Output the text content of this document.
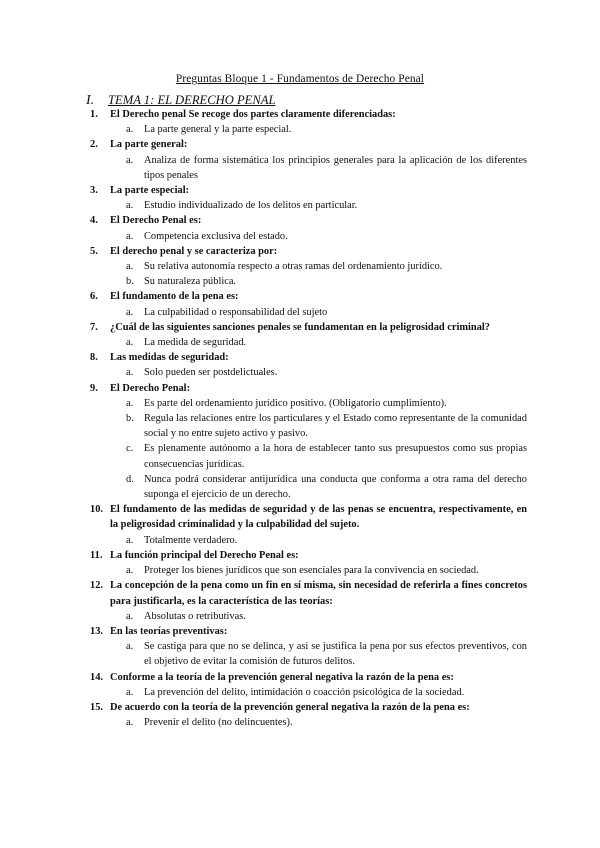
Preguntas Bloque 1 - Fundamentos de Derecho Penal
I. TEMA 1: EL DERECHO PENAL
1.	El Derecho penal Se recoge dos partes claramente diferenciadas:
a. La parte general y la parte especial.
2.	La parte general:
a. Analiza de forma sistemática los principios generales para la aplicación de los diferentes tipos penales
3.	La parte especial:
a. Estudio individualizado de los delitos en particular.
4.	El Derecho Penal es:
a. Competencia exclusiva del estado.
5.	El derecho penal y se caracteriza por:
a. Su relativa autonomía respecto a otras ramas del ordenamiento jurídico.
b. Su naturaleza pública.
6.	El fundamento de la pena es:
a. La culpabilidad o responsabilidad del sujeto
7.	¿Cuál de las siguientes sanciones penales se fundamentan en la peligrosidad criminal?
a. La medida de seguridad.
8.	Las medidas de seguridad:
a. Solo pueden ser postdelictuales.
9.	El Derecho Penal:
a. Es parte del ordenamiento jurídico positivo. (Obligatorio cumplimiento).
b. Regula las relaciones entre los particulares y el Estado como representante de la comunidad social y no entre sujeto activo y pasivo.
c. Es plenamente autónomo a la hora de establecer tanto sus presupuestos como sus propias consecuencias jurídicas.
d. Nunca podrá considerar antijurídica una conducta que conforma a otra rama del derecho suponga el ejercicio de un derecho.
10. El fundamento de las medidas de seguridad y de las penas se encuentra, respectivamente, en la peligrosidad criminalidad y la culpabilidad del sujeto.
a. Totalmente verdadero.
11. La función principal del Derecho Penal es:
a. Proteger los bienes jurídicos que son esenciales para la convivencia en sociedad.
12. La concepción de la pena como un fin en sí misma, sin necesidad de referirla a fines concretos para justificarla, es la característica de las teorías:
a. Absolutas o retributivas.
13. En las teorías preventivas:
a. Se castiga para que no se delinca, y así se justifica la pena por sus efectos preventivos, con el objetivo de evitar la comisión de futuros delitos.
14. Conforme a la teoría de la prevención general negativa la razón de la pena es:
a. La prevención del delito, intimidación o coacción psicológica de la sociedad.
15. De acuerdo con la teoría de la prevención general negativa la razón de la pena es:
a. Prevenir el delito (no delincuentes).
